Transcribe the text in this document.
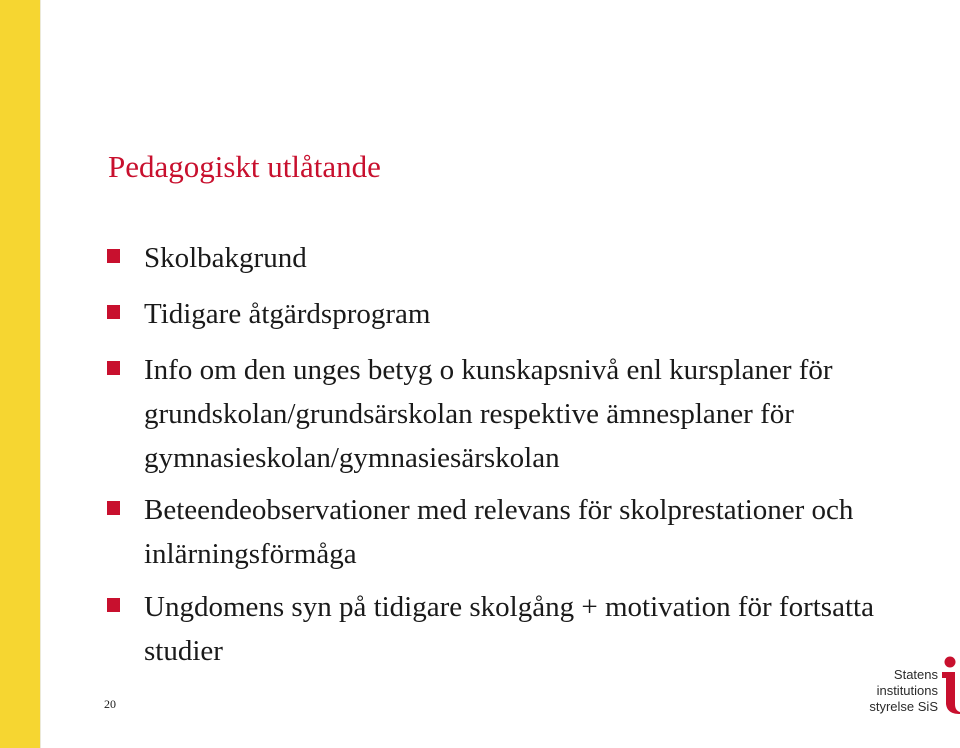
Pedagogiskt utlåtande
Skolbakgrund
Tidigare åtgärdsprogram
Info om den unges betyg o kunskapsnivå enl kursplaner för grundskolan/grundsärskolan respektive ämnesplaner för gymnasieskolan/gymnasiesärskolan
Beteendeobservationer med relevans för skolprestationer och inlärningsförmåga
Ungdomens syn på tidigare skolgång + motivation för fortsatta studier
20
Statens
institutions
styrelse SiS
